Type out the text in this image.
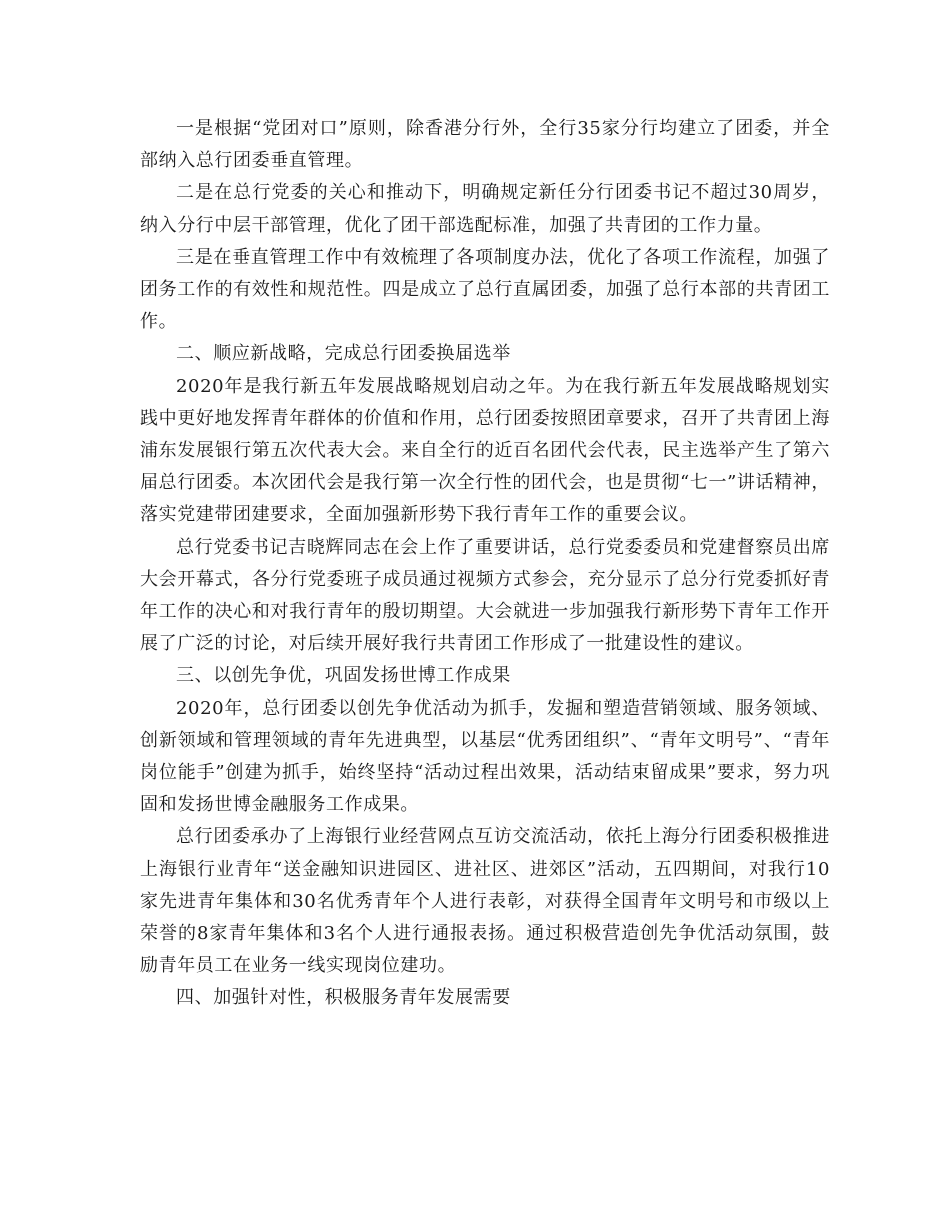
一是根据“党团对口”原则，除香港分行外，全行35家分行均建立了团委，并全部纳入总行团委垂直管理。

二是在总行党委的关心和推动下，明确规定新任分行团委书记不超过30周岁，纳入分行中层干部管理，优化了团干部选配标准，加强了共青团的工作力量。

三是在垂直管理工作中有效梳理了各项制度办法，优化了各项工作流程，加强了团务工作的有效性和规范性。四是成立了总行直属团委，加强了总行本部的共青团工作。

二、顺应新战略，完成总行团委换届选举

2020年是我行新五年发展战略规划启动之年。为在我行新五年发展战略规划实践中更好地发挥青年群体的价值和作用，总行团委按照团章要求，召开了共青团上海浦东发展银行第五次代表大会。来自全行的近百名团代会代表，民主选举产生了第六届总行团委。本次团代会是我行第一次全行性的团代会，也是贯彻“七一”讲话精神，落实党建带团建要求，全面加强新形势下我行青年工作的重要会议。

总行党委书记吉晓辉同志在会上作了重要讲话，总行党委委员和党建督察员出席大会开幕式，各分行党委班子成员通过视频方式参会，充分显示了总分行党委抓好青年工作的决心和对我行青年的殷切期望。大会就进一步加强我行新形势下青年工作开展了广泛的讨论，对后续开展好我行共青团工作形成了一批建设性的建议。

三、以创先争优，巩固发扬世博工作成果

2020年，总行团委以创先争优活动为抓手，发掘和塑造营销领域、服务领域、创新领域和管理领域的青年先进典型，以基层“优秀团组织”、“青年文明号”、“青年岗位能手”创建为抓手，始终坚持“活动过程出效果，活动结束留成果”要求，努力巩固和发扬世博金融服务工作成果。

总行团委承办了上海银行业经营网点互访交流活动，依托上海分行团委积极推进上海银行业青年“送金融知识进园区、进社区、进郊区”活动，五四期间，对我行10家先进青年集体和30名优秀青年个人进行表彰，对获得全国青年文明号和市级以上荣誉的8家青年集体和3名个人进行通报表扬。通过积极营造创先争优活动氛围，鼓励青年员工在业务一线实现岗位建功。

四、加强针对性，积极服务青年发展需要
